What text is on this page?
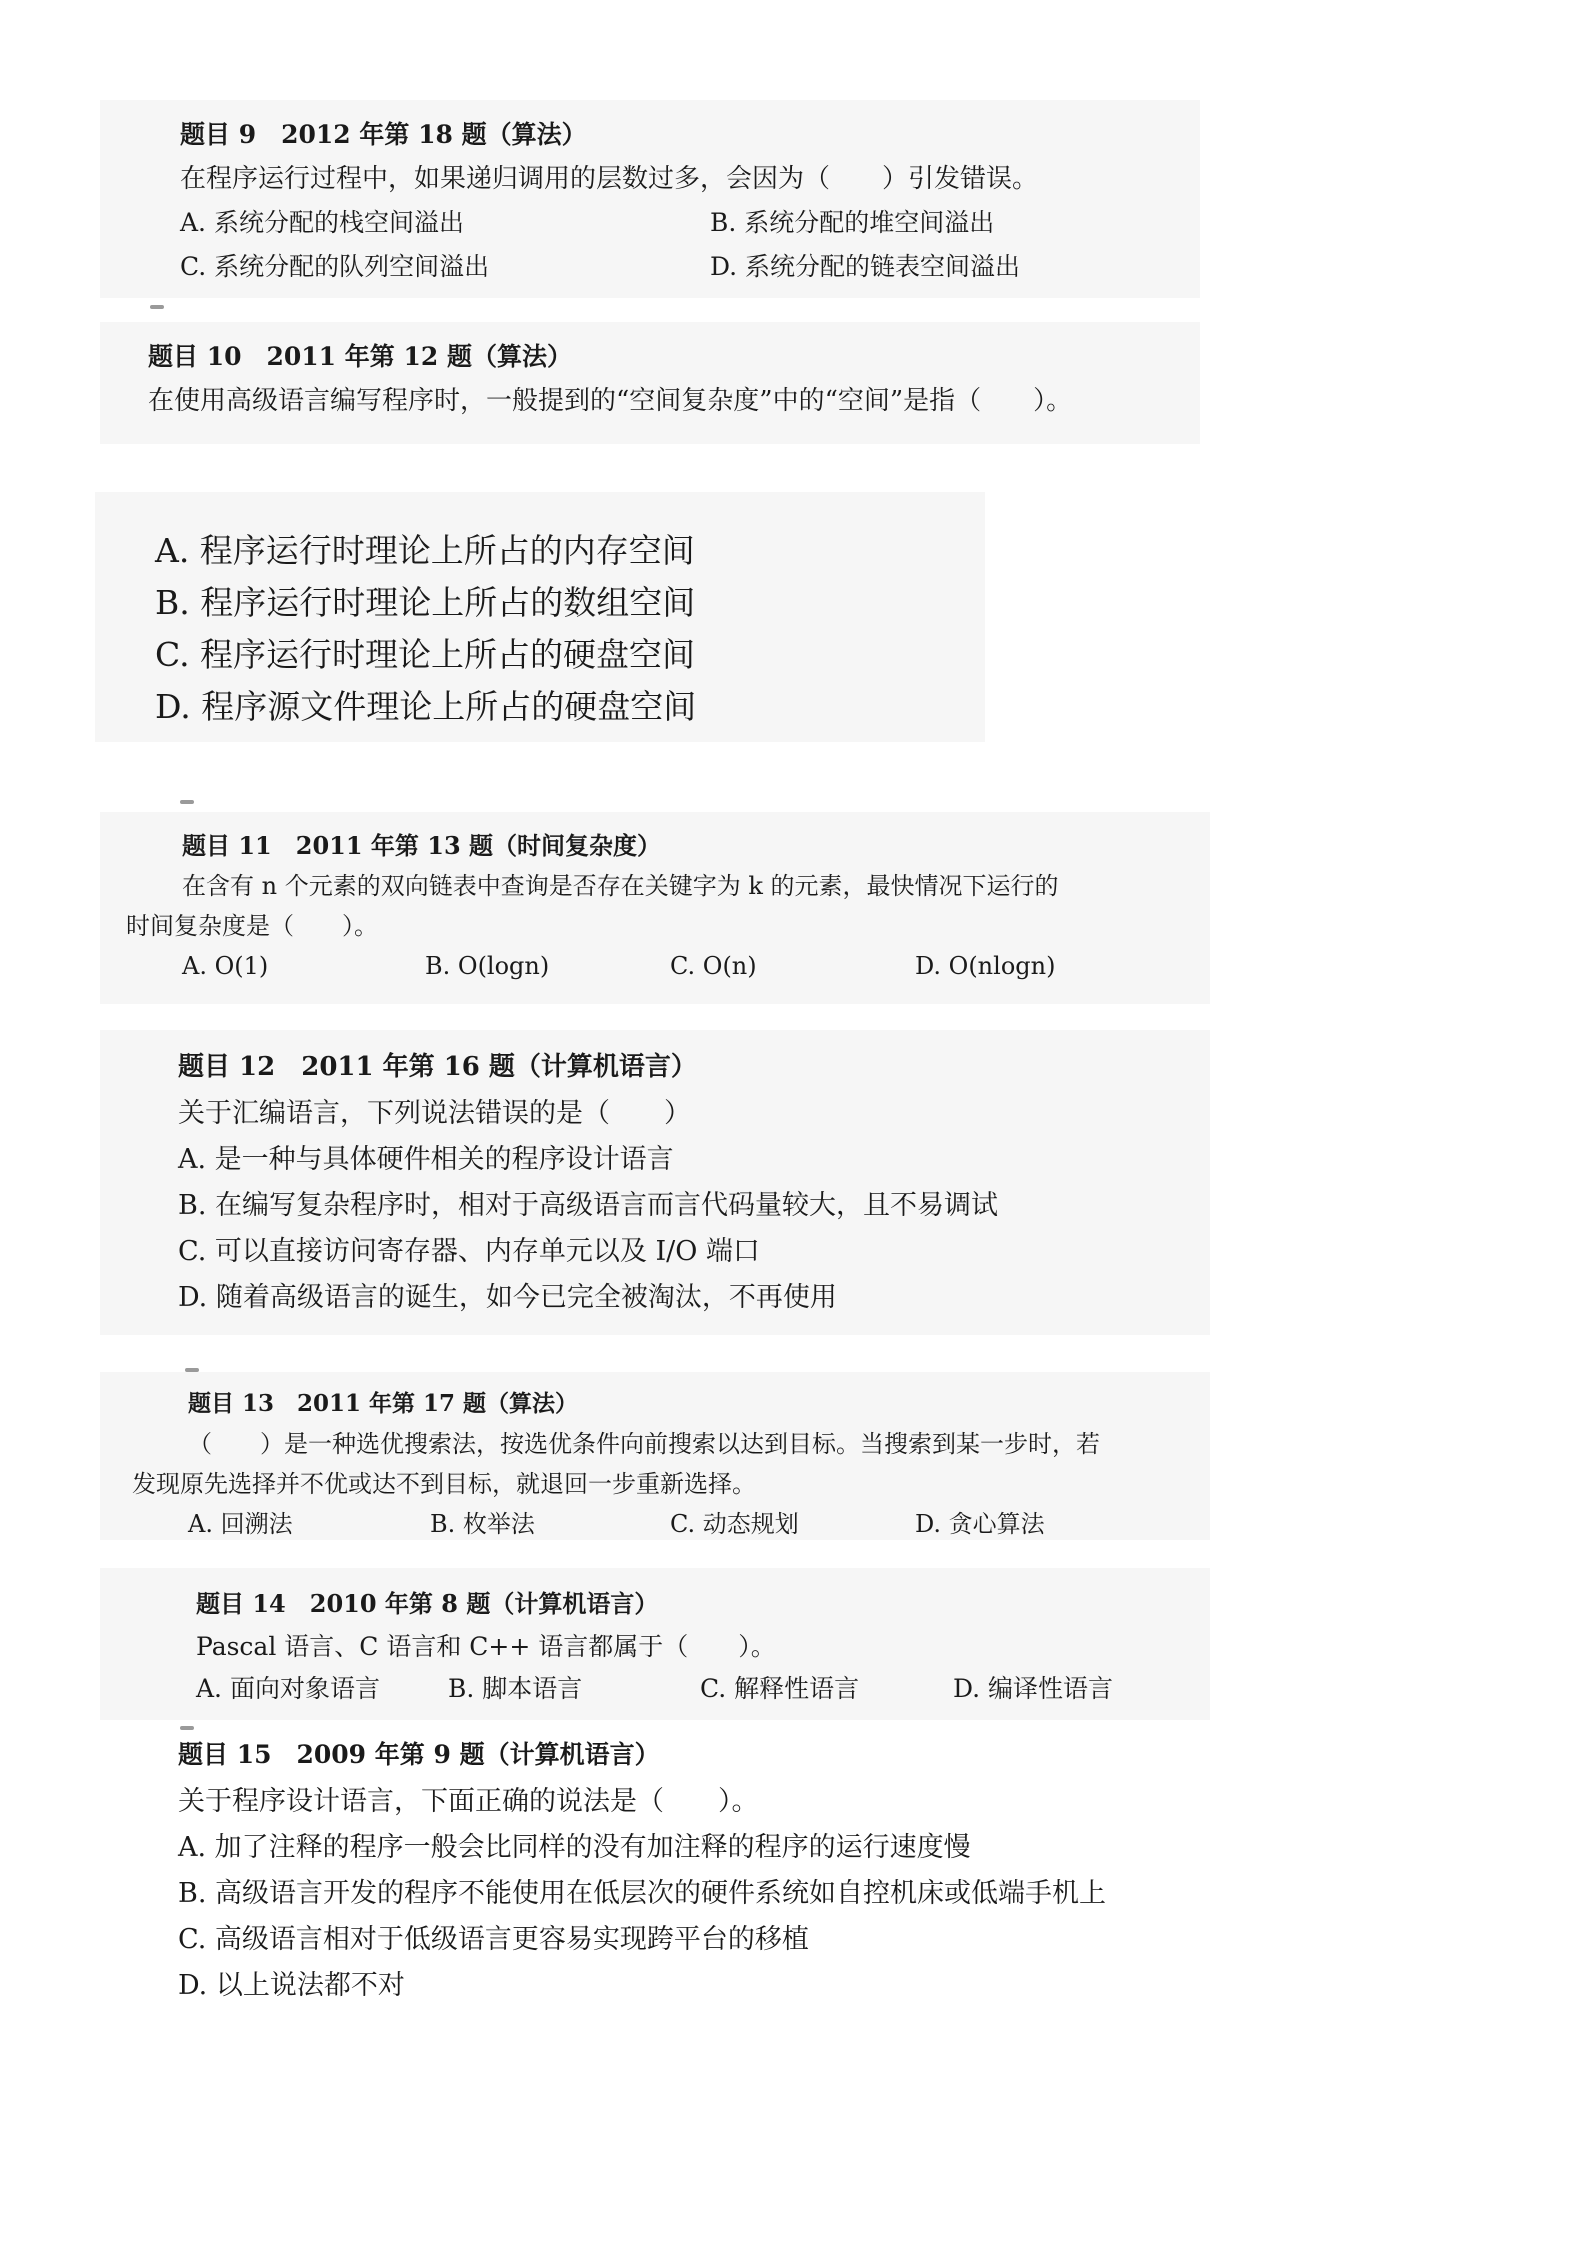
题目 9　2012 年第 18 题（算法）
在程序运行过程中，如果递归调用的层数过多，会因为（　　）引发错误。
A. 系统分配的栈空间溢出	B. 系统分配的堆空间溢出
C. 系统分配的队列空间溢出	D. 系统分配的链表空间溢出
题目 10　2011 年第 12 题（算法）
在使用高级语言编写程序时，一般提到的“空间复杂度”中的“空间”是指（　　）。
A. 程序运行时理论上所占的内存空间
B. 程序运行时理论上所占的数组空间
C. 程序运行时理论上所占的硬盘空间
D. 程序源文件理论上所占的硬盘空间
题目 11　2011 年第 13 题（时间复杂度）
在含有 n 个元素的双向链表中查询是否存在关键字为 k 的元素，最快情况下运行的
时间复杂度是（　　）。
A. O(1)	B. O(logn)	C. O(n)	D. O(nlogn)
题目 12　2011 年第 16 题（计算机语言）
关于汇编语言，下列说法错误的是（　　）
A. 是一种与具体硬件相关的程序设计语言
B. 在编写复杂程序时，相对于高级语言而言代码量较大，且不易调试
C. 可以直接访问寄存器、内存单元以及 I/O 端口
D. 随着高级语言的诞生，如今已完全被淘汰，不再使用
题目 13　2011 年第 17 题（算法）
（　　）是一种选优搜索法，按选优条件向前搜索以达到目标。当搜索到某一步时，若
发现原先选择并不优或达不到目标，就退回一步重新选择。
A. 回溯法	B. 枚举法	C. 动态规划	D. 贪心算法
题目 14　2010 年第 8 题（计算机语言）
Pascal 语言、C 语言和 C++ 语言都属于（　　）。
A. 面向对象语言	B. 脚本语言	C. 解释性语言	D. 编译性语言
题目 15　2009 年第 9 题（计算机语言）
关于程序设计语言，下面正确的说法是（　　）。
A. 加了注释的程序一般会比同样的没有加注释的程序的运行速度慢
B. 高级语言开发的程序不能使用在低层次的硬件系统如自控机床或低端手机上
C. 高级语言相对于低级语言更容易实现跨平台的移植
D. 以上说法都不对
